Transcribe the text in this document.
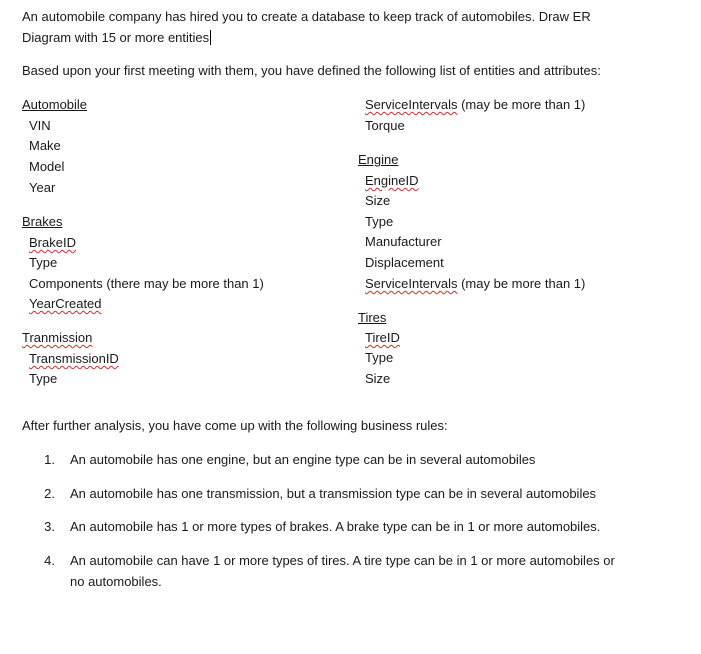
An automobile company has hired you to create a database to keep track of automobiles. Draw ER
Diagram with 15 or more entities
Based upon your first meeting with them, you have defined the following list of entities and attributes:
Automobile
VIN
Make
Model
Year
Brakes
BrakeID
Type
Components (there may be more than 1)
YearCreated
Tranmission
TransmissionID
Type
ServiceIntervals (may be more than 1)
Torque
Engine
EngineID
Size
Type
Manufacturer
Displacement
ServiceIntervals (may be more than 1)
Tires
TireID
Type
Size
After further analysis, you have come up with the following business rules:
1. An automobile has one engine, but an engine type can be in several automobiles
2. An automobile has one transmission, but a transmission type can be in several automobiles
3. An automobile has 1 or more types of brakes. A brake type can be in 1 or more automobiles.
4. An automobile can have 1 or more types of tires. A tire type can be in 1 or more automobiles or
no automobiles.
